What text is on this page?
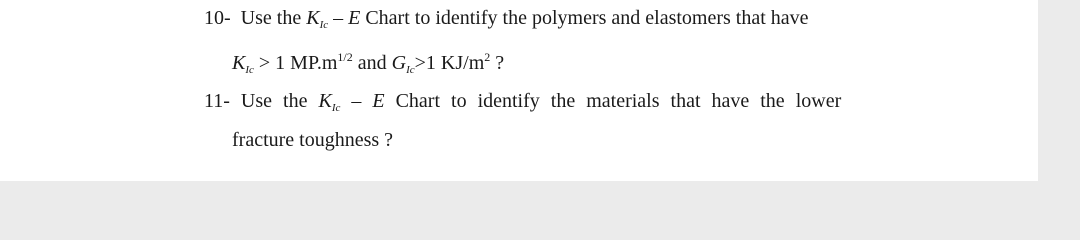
10- Use the $K_{Ic}$ – E Chart to identify the polymers and elastomers that have
$K_{Ic} > 1$ $MP.m^{1/2}$ and $G_{Ic}>1$ $KJ/m^2$ ?
11- Use the $K_{Ic}$ – E Chart to identify the materials that have the lower
fracture toughness ?
